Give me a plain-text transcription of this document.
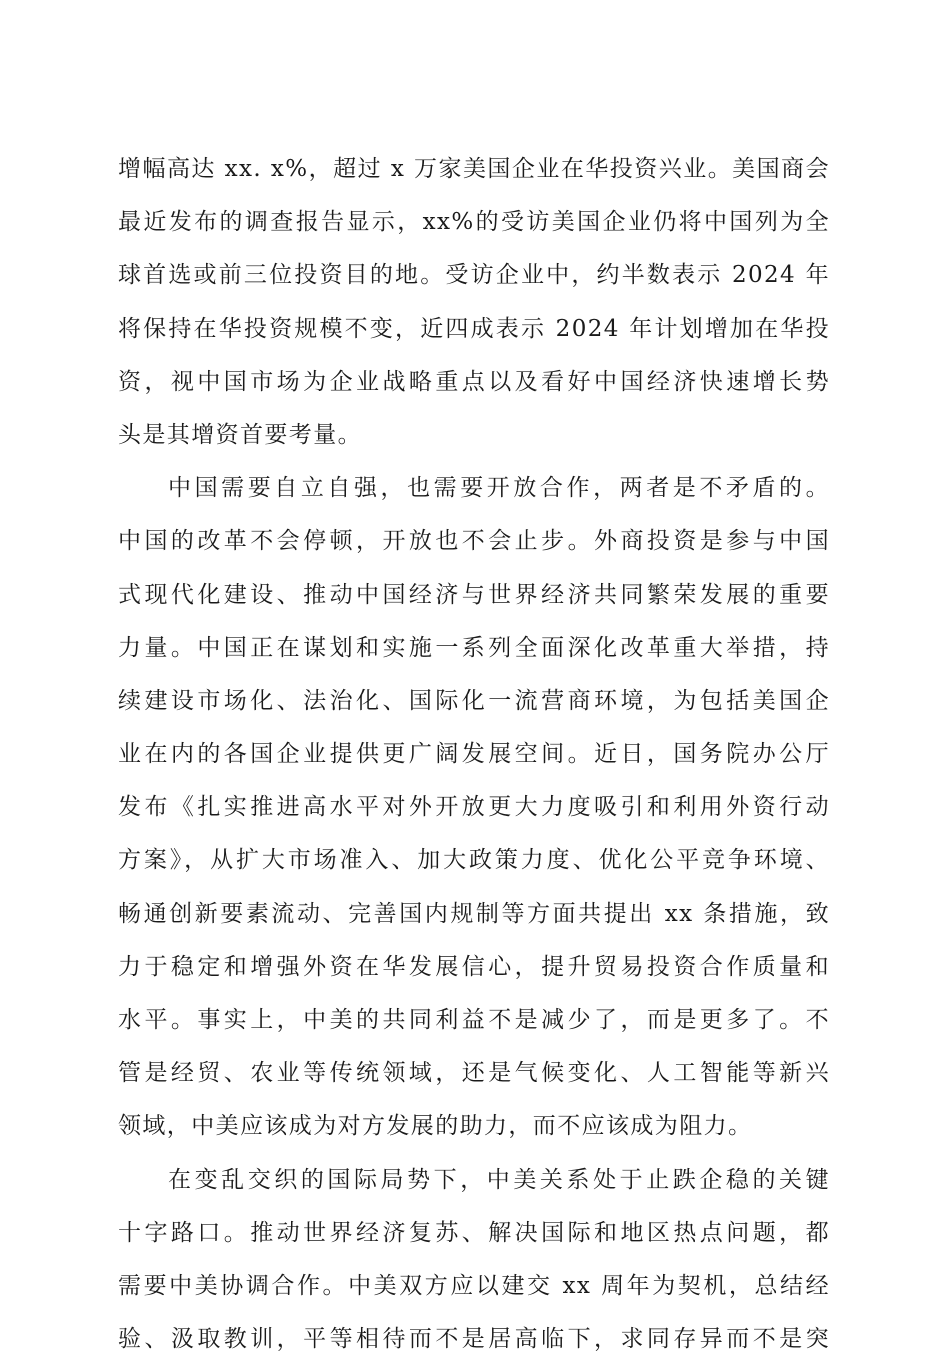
增幅高达 xx. x%，超过 x 万家美国企业在华投资兴业。美国商会
最近发布的调查报告显示，xx%的受访美国企业仍将中国列为全
球首选或前三位投资目的地。受访企业中，约半数表示 2024 年
将保持在华投资规模不变，近四成表示 2024 年计划增加在华投
资，视中国市场为企业战略重点以及看好中国经济快速增长势
头是其增资首要考量。
中国需要自立自强，也需要开放合作，两者是不矛盾的。
中国的改革不会停顿，开放也不会止步。外商投资是参与中国
式现代化建设、推动中国经济与世界经济共同繁荣发展的重要
力量。中国正在谋划和实施一系列全面深化改革重大举措，持
续建设市场化、法治化、国际化一流营商环境，为包括美国企
业在内的各国企业提供更广阔发展空间。近日，国务院办公厅
发布《扎实推进高水平对外开放更大力度吸引和利用外资行动
方案》，从扩大市场准入、加大政策力度、优化公平竞争环境、
畅通创新要素流动、完善国内规制等方面共提出 xx 条措施，致
力于稳定和增强外资在华发展信心，提升贸易投资合作质量和
水平。事实上，中美的共同利益不是减少了，而是更多了。不
管是经贸、农业等传统领域，还是气候变化、人工智能等新兴
领域，中美应该成为对方发展的助力，而不应该成为阻力。
在变乱交织的国际局势下，中美关系处于止跌企稳的关键
十字路口。推动世界经济复苏、解决国际和地区热点问题，都
需要中美协调合作。中美双方应以建交 xx 周年为契机，总结经
验、汲取教训，平等相待而不是居高临下，求同存异而不是突
